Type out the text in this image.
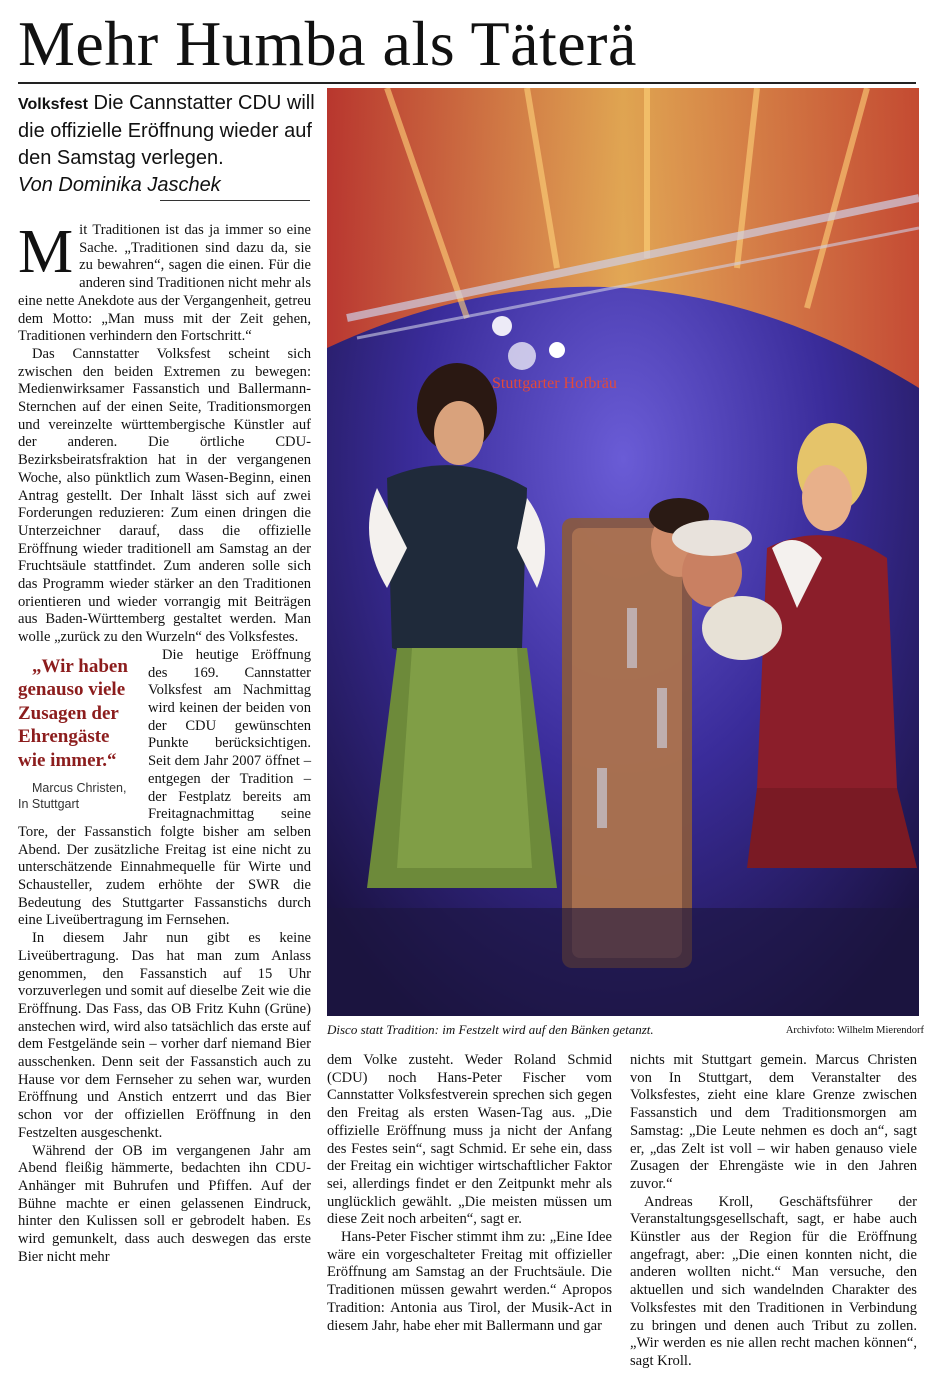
Mehr Humba als Täterä
Volksfest Die Cannstatter CDU will die offizielle Eröffnung wieder auf den Samstag verlegen.
Von Dominika Jaschek

Mit Traditionen ist das ja immer so eine Sache. „Traditionen sind dazu da, sie zu bewahren“, sagen die einen. Für die anderen sind Traditionen nicht mehr als eine nette Anekdote aus der Vergangenheit, getreu dem Motto: „Man muss mit der Zeit gehen, Traditionen verhindern den Fortschritt.“

Das Cannstatter Volksfest scheint sich zwischen den beiden Extremen zu bewegen: Medienwirksamer Fassanstich und Ballermann-Sternchen auf der einen Seite, Traditionsmorgen und vereinzelte württembergische Künstler auf der anderen. Die örtliche CDU-Bezirksbeiratsfraktion hat in der vergangenen Woche, also pünktlich zum Wasen-Beginn, einen Antrag gestellt. Der Inhalt lässt sich auf zwei Forderungen reduzieren: Zum einen dringen die Unterzeichner darauf, dass die offizielle Eröffnung wieder traditionell am Samstag an der Fruchtsäule stattfindet. Zum anderen solle sich das Programm wieder stärker an den Traditionen orientieren und wieder vorrangig mit Beiträgen aus Baden-Württemberg gestaltet werden. Man wolle „zurück zu den Wurzeln“ des Volksfestes.

„Wir haben genauso viele Zusagen der Ehrengäste wie immer.“
Marcus Christen, In Stuttgart
Die heutige Eröffnung des 169. Cannstatter Volksfest am Nachmittag wird keinen der beiden von der CDU gewünschten Punkte berücksichtigen. Seit dem Jahr 2007 öffnet – entgegen der Tradition – der Festplatz bereits am Freitagnachmittag seine Tore, der Fassanstich folgte bisher am selben Abend. Der zusätzliche Freitag ist eine nicht zu unterschätzende Einnahmequelle für Wirte und Schausteller, zudem erhöhte der SWR die Bedeutung des Stuttgarter Fassanstichs durch eine Liveübertragung im Fernsehen.

In diesem Jahr nun gibt es keine Liveübertragung. Das hat man zum Anlass genommen, den Fassanstich auf 15 Uhr vorzuverlegen und somit auf dieselbe Zeit wie die Eröffnung. Das Fass, das OB Fritz Kuhn (Grüne) anstechen wird, wird also tatsächlich das erste auf dem Festgelände sein – vorher darf niemand Bier ausschenken. Denn seit der Fassanstich auch zu Hause vor dem Fernseher zu sehen war, wurden Eröffnung und Anstich entzerrt und das Bier schon vor der offiziellen Eröffnung in den Festzelten ausgeschenkt.

Während der OB im vergangenen Jahr am Abend fleißig hämmerte, bedachten ihn CDU-Anhänger mit Buhrufen und Pfiffen. Auf der Bühne machte er einen gelassenen Eindruck, hinter den Kulissen soll er gebrodelt haben. Es wird gemunkelt, dass auch deswegen das erste Bier nicht mehr

Stuttgarter Hofbräu
Disco statt Tradition: im Festzelt wird auf den Bänken getanzt.	Archivfoto: Wilhelm Mierendorf

dem Volke zusteht. Weder Roland Schmid (CDU) noch Hans-Peter Fischer vom Cannstatter Volksfestverein sprechen sich gegen den Freitag als ersten Wasen-Tag aus. „Die offizielle Eröffnung muss ja nicht der Anfang des Festes sein“, sagt Schmid. Er sehe ein, dass der Freitag ein wichtiger wirtschaftlicher Faktor sei, allerdings findet er den Zeitpunkt mehr als unglücklich gewählt. „Die meisten müssen um diese Zeit noch arbeiten“, sagt er.

Hans-Peter Fischer stimmt ihm zu: „Eine Idee wäre ein vorgeschalteter Freitag mit offizieller Eröffnung am Samstag an der Fruchtsäule. Die Traditionen müssen gewahrt werden.“ Apropos Tradition: Antonia aus Tirol, der Musik-Act in diesem Jahr, habe eher mit Ballermann und gar

nichts mit Stuttgart gemein. Marcus Christen von In Stuttgart, dem Veranstalter des Volksfestes, zieht eine klare Grenze zwischen Fassanstich und dem Traditionsmorgen am Samstag: „Die Leute nehmen es doch an“, sagt er, „das Zelt ist voll – wir haben genauso viele Zusagen der Ehrengäste wie in den Jahren zuvor.“

Andreas Kroll, Geschäftsführer der Veranstaltungsgesellschaft, sagt, er habe auch Künstler aus der Region für die Eröffnung angefragt, aber: „Die einen konnten nicht, die anderen wollten nicht.“ Man versuche, den aktuellen und sich wandelnden Charakter des Volksfestes mit den Traditionen in Verbindung zu bringen und denen auch Tribut zu zollen. „Wir werden es nie allen recht machen können“, sagt Kroll.
